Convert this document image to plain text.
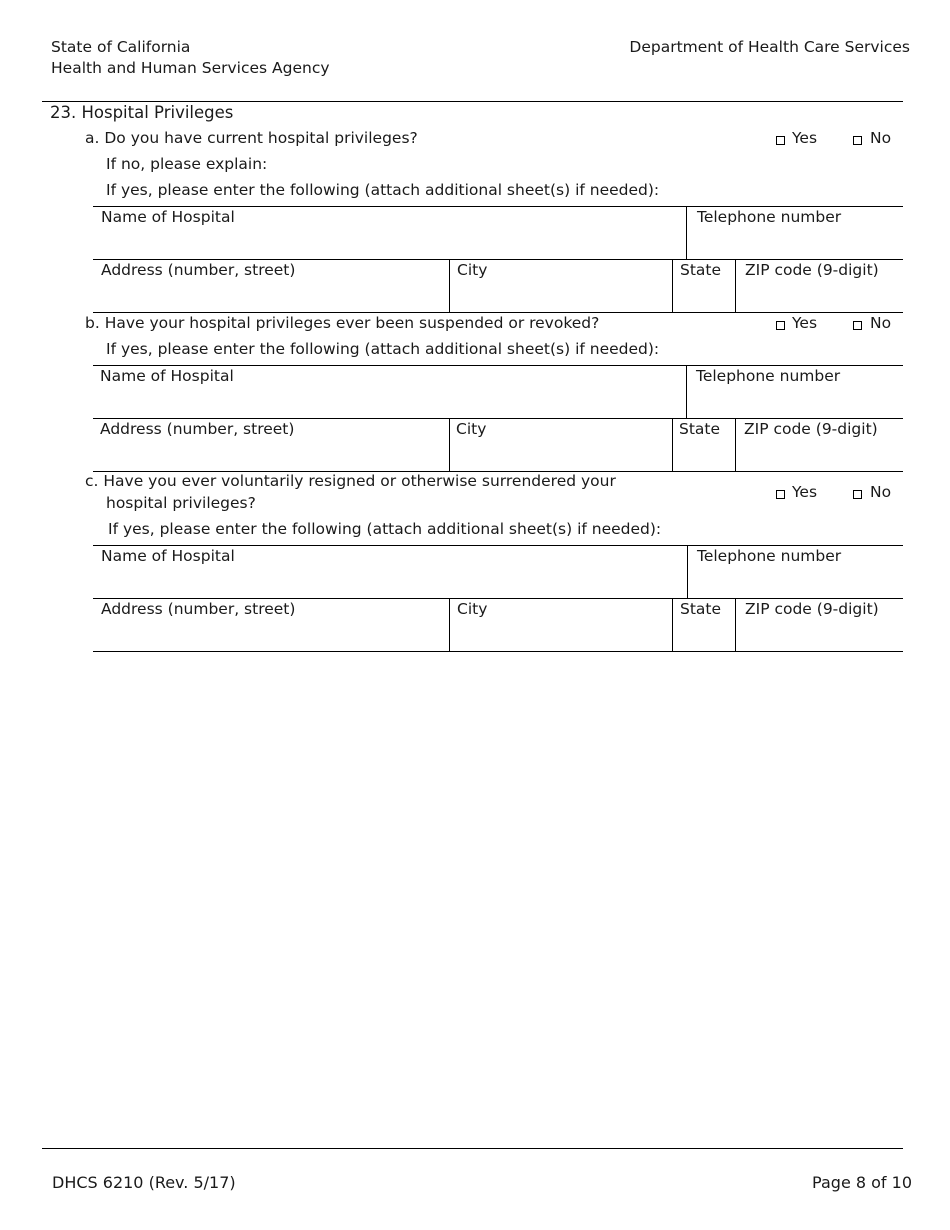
State of California
Health and Human Services Agency
Department of Health Care Services
23. Hospital Privileges
a. Do you have current hospital privileges?	Yes	No
If no, please explain:
If yes, please enter the following (attach additional sheet(s) if needed):
Name of Hospital	Telephone number
Address (number, street)	City	State ZIP code (9-digit)
b. Have your hospital privileges ever been suspended or revoked?	Yes	No
If yes, please enter the following (attach additional sheet(s) if needed):
Name of Hospital	Telephone number
Address (number, street)	City	State ZIP code (9-digit)
c. Have you ever voluntarily resigned or otherwise surrendered your
hospital privileges?
Yes	No
If yes, please enter the following (attach additional sheet(s) if needed):
Name of Hospital	Telephone number
Address (number, street)	City	State ZIP code (9-digit)
DHCS 6210 (Rev. 5/17)	Page 8 of 10
